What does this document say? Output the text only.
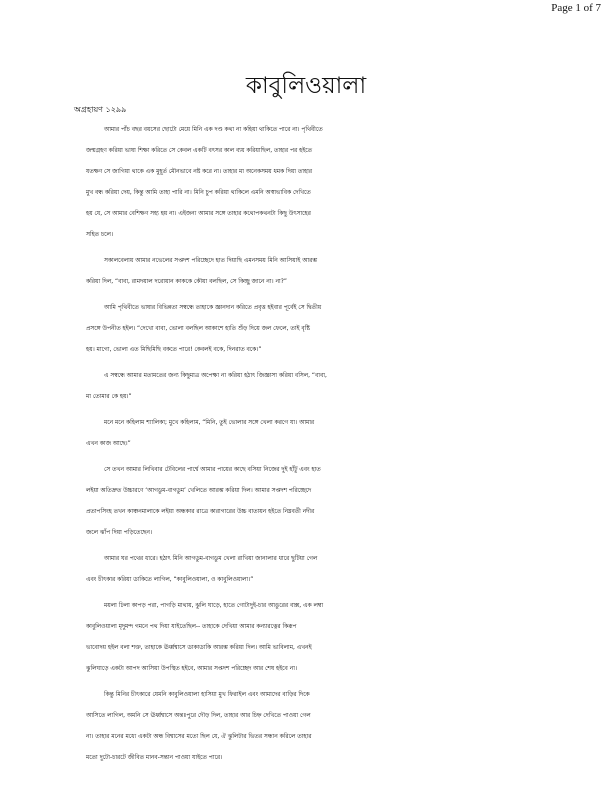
Page 1 of 7
কাবুলিওয়ালা
অগ্রহায়ণ ১২৯৯

আমার পাঁচ বছর বয়সের ছোটো মেয়ে মিনি এক দণ্ড কথা না কহিয়া থাকিতে পারে না। পৃথিবীতে
জন্মগ্রহণ করিয়া ভাষা শিক্ষা করিতে সে কেবল একটি বৎসর কাল ব্যয় করিয়াছিল, তাহার পর হইতে
যতক্ষণ সে জাগিয়া থাকে এক মুহূর্ত মৌনভাবে নষ্ট করে না। তাহার মা অনেকসময় ধমক দিয়া তাহার
মুখ বন্ধ করিয়া দেয়, কিন্তু আমি তাহা পারি না। মিনি চুপ করিয়া থাকিলে এমনি অস্বাভাবিক দেখিতে
হয় যে, সে আমার বেশিক্ষণ সহ্য হয় না। এইজন্য আমার সঙ্গে তাহার কথোপকথনটা কিছু উৎসাহের
সহিত চলে।

সকালবেলায় আমার নভেলের সপ্তদশ পরিচ্ছেদে হাত দিয়াছি এমনসময় মিনি আসিয়াই আরম্ভ
করিয়া দিল, “বাবা, রামদয়াল দরোয়ান কাককে কৌয়া বলছিল, সে কিচ্ছু জানে না। না?”

আমি পৃথিবীতে ভাষার বিভিন্নতা সম্বন্ধে তাহাকে জ্ঞানদান করিতে প্রবৃত্ত হইবার পূর্বেই সে দ্বিতীয়
প্রসঙ্গে উপনীত হইল। “দেখো বাবা, ভোলা বলছিল আকাশে হাতি শুঁড় দিয়ে জল ফেলে, তাই বৃষ্টি
হয়। মাগো, ভোলা এত মিছিমিছি বকতে পারে! কেবলই বকে, দিনরাত বকে।”

এ সম্বন্ধে আমার মতামতের জন্য কিছুমাত্র অপেক্ষা না করিয়া হঠাৎ জিজ্ঞাসা করিয়া বসিল, “বাবা,
মা তোমার কে হয়।”

মনে মনে কহিলাম শ্যালিকা; মুখে কহিলাম, “মিনি, তুই ভোলার সঙ্গে খেলা করগে যা। আমার
এখন কাজ আছে।”

সে তখন আমার লিখিবার টেবিলের পার্শ্বে আমার পায়ের কাছে বসিয়া নিজের দুই হাঁটু এবং হাত
লইয়া অতিদ্রুত উচ্চারণে ‘আগডুম-বাগডুম’ খেলিতে আরম্ভ করিয়া দিল। আমার সপ্তদশ পরিচ্ছেদে
প্রতাপসিংহ তখন কাঞ্চনমালাকে লইয়া অন্ধকার রাত্রে কারাগারের উচ্চ বাতায়ন হইতে নিম্নবর্তী নদীর
জলে ঝাঁপ দিয়া পড়িতেছেন।

আমার ঘর পথের ধারে। হঠাৎ মিনি আগডুম-বাগডুম খেলা রাখিয়া জানালার ধারে ছুটিয়া গেল
এবং চীৎকার করিয়া ডাকিতে লাগিল, “কাবুলিওয়ালা, ও কাবুলিওয়ালা।”

ময়লা ঢিলা কাপড় পরা, পাগড়ি মাথায়, ঝুলি ঘাড়ে, হাতে গোটাদুই-চার আঙুরের বাক্স, এক লম্বা
কাবুলিওয়ালা মৃদুমন্দ গমনে পথ দিয়া যাইতেছিল-- তাহাকে দেখিয়া আমার কন্যারত্নের কিরূপ
ভাবোদয় হইল বলা শক্ত, তাহাকে ঊর্ধ্বশ্বাসে ডাকাডাকি আরম্ভ করিয়া দিল। আমি ভাবিলাম, এখনই
ঝুলিঘাড়ে একটা আপদ আসিয়া উপস্থিত হইবে, আমার সপ্তদশ পরিচ্ছেদ আর শেষ হইবে না।

কিন্তু মিনির চীৎকারে যেমনি কাবুলিওয়ালা হাসিয়া মুখ ফিরাইল এবং আমাদের বাড়ির দিকে
আসিতে লাগিল, অমনি সে ঊর্ধ্বশ্বাসে অন্তঃপুরে দৌড় দিল, তাহার আর চিহ্ন দেখিতে পাওয়া গেল
না। তাহার মনের মধ্যে একটা অন্ধ বিশ্বাসের মতো ছিল যে, ঐ ঝুলিটার ভিতর সন্ধান করিলে তাহার
মতো দুটো-চারটে জীবিত মানব-সন্তান পাওয়া যাইতে পারে।
